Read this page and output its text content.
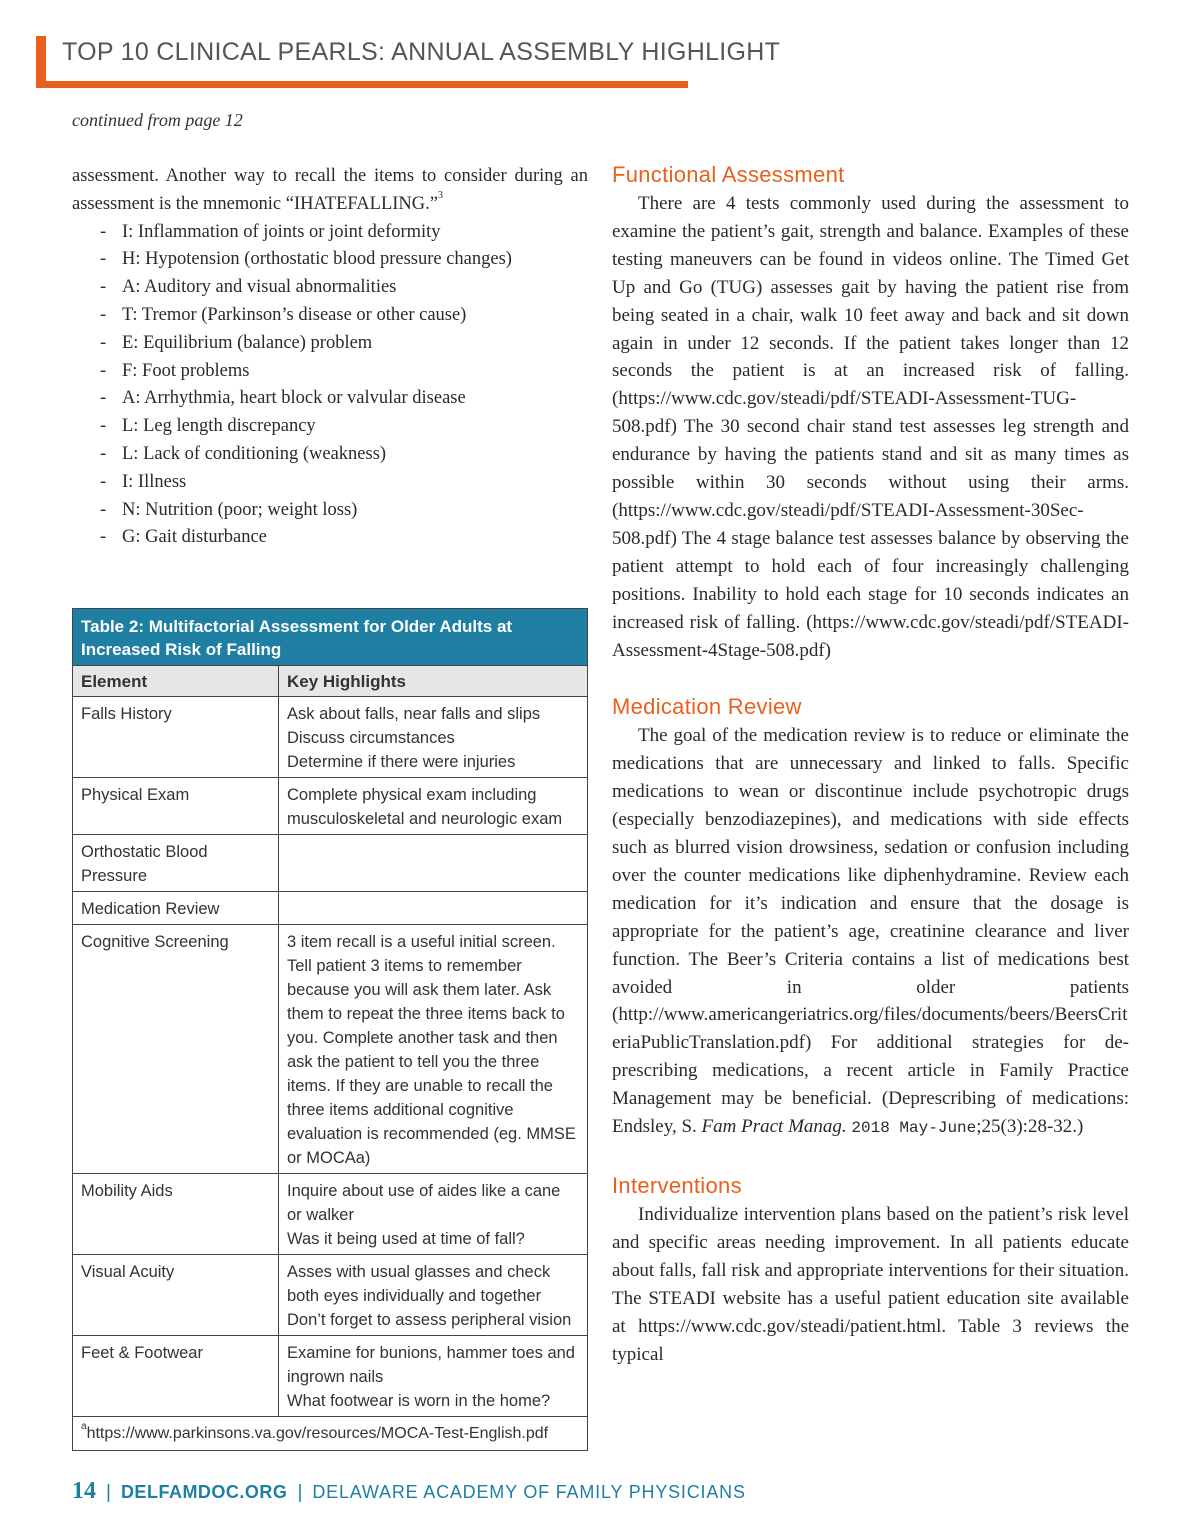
TOP 10 CLINICAL PEARLS: ANNUAL ASSEMBLY HIGHLIGHT
continued from page 12

assessment. Another way to recall the items to consider during an assessment is the mnemonic “IHATEFALLING.”$^3$

- I: Inflammation of joints or joint deformity
- H: Hypotension (orthostatic blood pressure changes)
- A: Auditory and visual abnormalities
- T: Tremor (Parkinson’s disease or other cause)
- E: Equilibrium (balance) problem
- F: Foot problems
- A: Arrhythmia, heart block or valvular disease
- L: Leg length discrepancy
- L: Lack of conditioning (weakness)
- I: Illness
- N: Nutrition (poor; weight loss)
- G: Gait disturbance
Table 2: Multifactorial Assessment for Older Adults at Increased Risk of Falling	
Element	Key Highlights
Falls History	Ask about falls, near falls and slips
Discuss circumstances
Determine if there were injuries
Physical Exam	Complete physical exam including musculoskeletal and neurologic exam
Orthostatic Blood Pressure	
Medication Review	
Cognitive Screening	3 item recall is a useful initial screen. Tell patient 3 items to remember because you will ask them later. Ask them to repeat the three items back to you. Complete another task and then ask the patient to tell you the three items. If they are unable to recall the three items additional cognitive evaluation is recommended (eg. MMSE or MOCAa)
Mobility Aids	Inquire about use of aides like a cane or walker
Was it being used at time of fall?
Visual Acuity	Asses with usual glasses and check both eyes individually and together
Don’t forget to assess peripheral vision
Feet & Footwear	Examine for bunions, hammer toes and ingrown nails
What footwear is worn in the home?
$^a$https://www.parkinsons.va.gov/resources/MOCA-Test-English.pdf	
Functional Assessment

There are 4 tests commonly used during the assessment to examine the patient’s gait, strength and balance. Examples of these testing maneuvers can be found in videos online. The Timed Get Up and Go (TUG) assesses gait by having the patient rise from being seated in a chair, walk 10 feet away and back and sit down again in under 12 seconds. If the patient takes longer than 12 seconds the patient is at an increased risk of falling. (https://www.cdc.gov/steadi/pdf/STEADI-Assessment-TUG-508.pdf) The 30 second chair stand test assesses leg strength and endurance by having the patients stand and sit as many times as possible within 30 seconds without using their arms. (https://www.cdc.gov/steadi/pdf/STEADI-Assessment-30Sec-508.pdf) The 4 stage balance test assesses balance by observing the patient attempt to hold each of four increasingly challenging positions. Inability to hold each stage for 10 seconds indicates an increased risk of falling. (https://www.cdc.gov/steadi/pdf/STEADI-Assessment-4Stage-508.pdf)

Medication Review

The goal of the medication review is to reduce or eliminate the medications that are unnecessary and linked to falls. Specific medications to wean or discontinue include psychotropic drugs (especially benzodiazepines), and medications with side effects such as blurred vision drowsiness, sedation or confusion including over the counter medications like diphenhydramine. Review each medication for it’s indication and ensure that the dosage is appropriate for the patient’s age, creatinine clearance and liver function. The Beer’s Criteria contains a list of medications best avoided in older patients (http://www.americangeriatrics.org/files/documents/beers/BeersCriteriaPublicTranslation.pdf) For additional strategies for de-prescribing medications, a recent article in Family Practice Management may be beneficial. (Deprescribing of medications: Endsley, S. Fam Pract Manag. 2018 May-June;25(3):28-32.)

Interventions

Individualize intervention plans based on the patient’s risk level and specific areas needing improvement. In all patients educate about falls, fall risk and appropriate interventions for their situation. The STEADI website has a useful patient education site available at https://www.cdc.gov/steadi/patient.html. Table 3 reviews the typical

14 | DELFAMDOC.ORG | DELAWARE ACADEMY OF FAMILY PHYSICIANS
